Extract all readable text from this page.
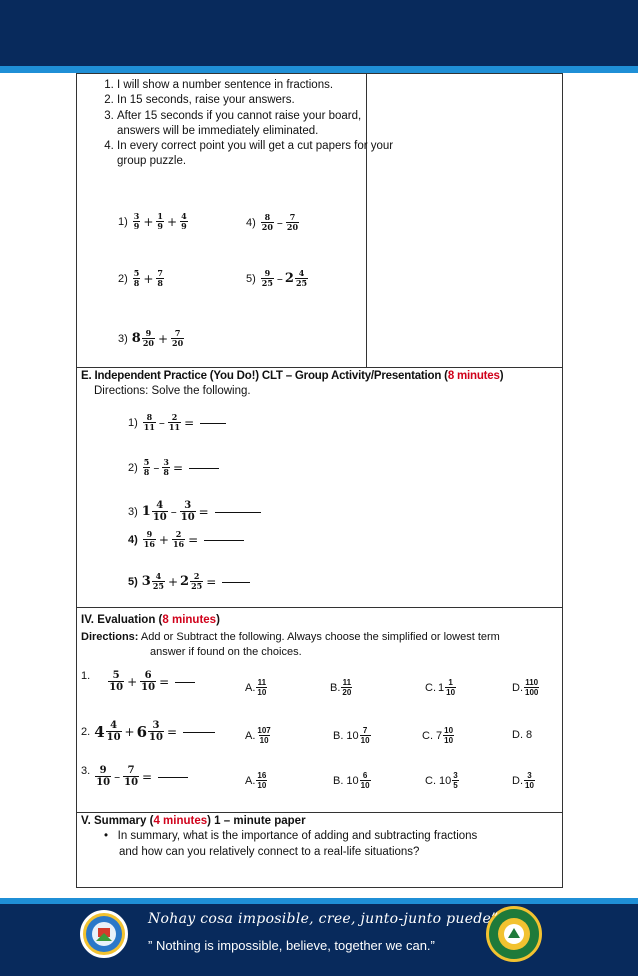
1. I will show a number sentence in fractions.
2. In 15 seconds, raise your answers.
3. After 15 seconds if you cannot raise your board, answers will be immediately eliminated.
4. In every correct point you will get a cut papers for your group puzzle.
$1) \frac{3}{9} + \frac{1}{9} + \frac{4}{9}$	$4) \frac{8}{20} - \frac{7}{20}$
$2) \frac{5}{8} + \frac{7}{8}$	$5) \frac{9}{25} - 2 \frac{4}{25}$
3) $8 \frac{9}{20} + \frac{7}{20}$
E. Independent Practice (You Do!) CLT – Group Activity/Presentation (8 minutes)
Directions: Solve the following.
$1) \frac{8}{11} - \frac{2}{11}$ =
$2) \frac{5}{8} - \frac{3}{8}$ =
3) $1 \frac{4}{10} - \frac{3}{10}$ =
$4) \frac{9}{16} + \frac{2}{16}$ =
5) $3 \frac{4}{25} + 2 \frac{2}{25}$ =
IV. Evaluation (8 minutes)
Directions: Add or Subtract the following. Always choose the simplified or lowest term
answer if found on the choices.
1. $\frac{5}{10} + \frac{6}{10}$ =	A. $\frac{11}{10}$	B. $\frac{11}{20}$	C. $1 \frac{1}{10}$	D. $\frac{110}{100}$
2. $4 \frac{4}{10} + 6 \frac{3}{10}$ =	A. $\frac{107}{10}$	B. $10 \frac{7}{10}$	C. $7 \frac{10}{10}$	D. 8
3. $\frac{9}{10} - \frac{7}{10}$ =	A. $\frac{16}{10}$	B. $10 \frac{6}{10}$	C. $10 \frac{3}{5}$	D. $\frac{3}{10}$
V. Summary (4 minutes) 1 – minute paper
•   In summary, what is the importance of adding and subtracting fractions
and how can you relatively connect to a real-life situations?
Nohay cosa imposible, cree, junto-junto puede”
” Nothing is impossible, believe, together we can.”
